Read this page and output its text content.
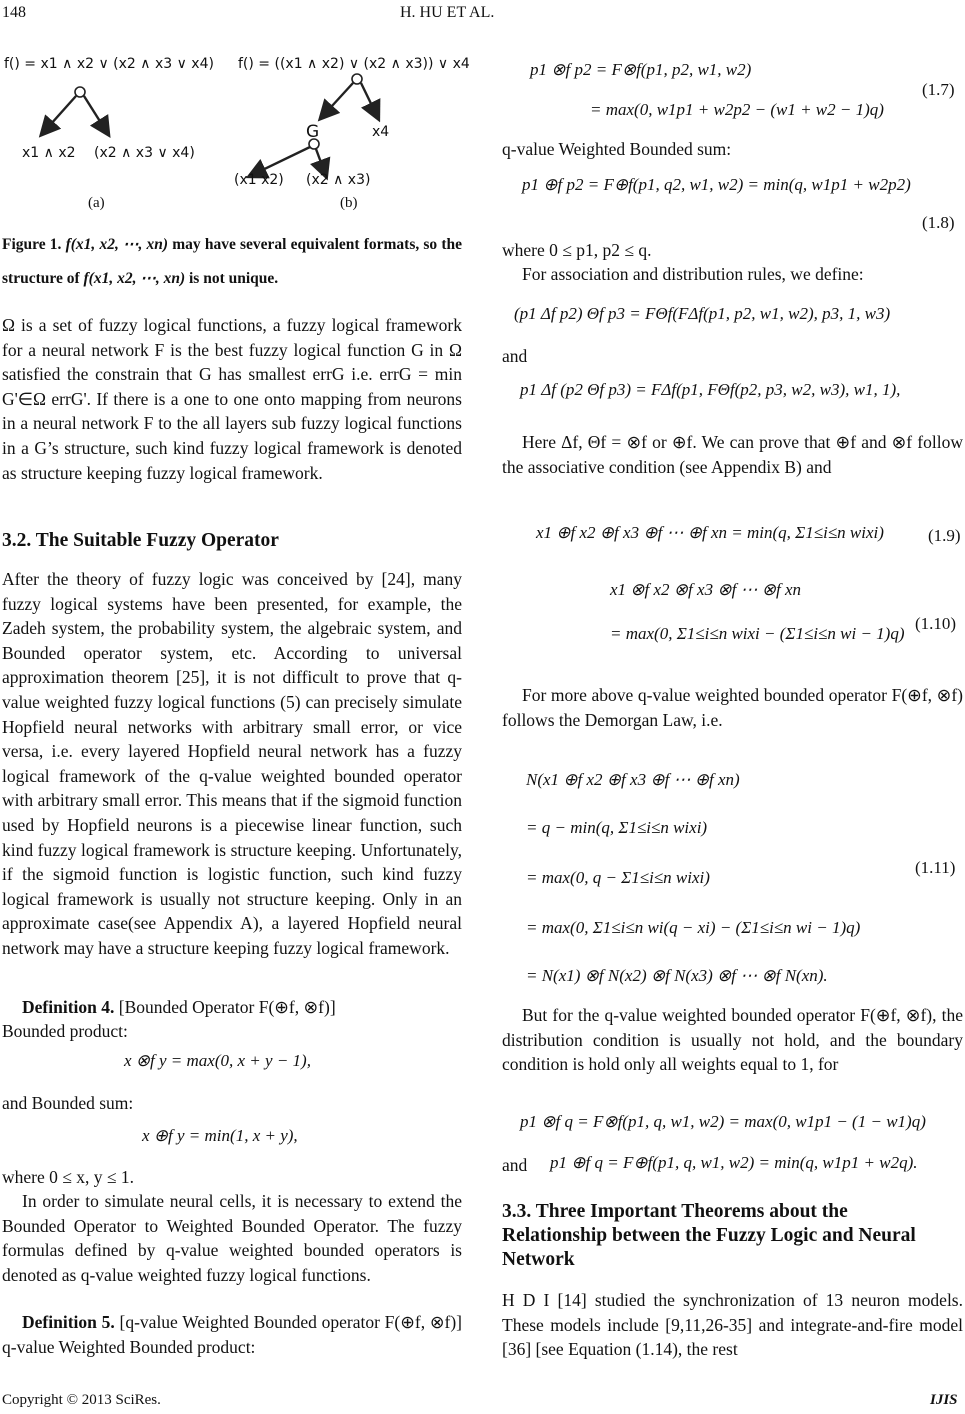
148	H. HU ET AL.
f() = x1 ∧ x2 ∨ (x2 ∧ x3 ∨ x4)
x1 ∧ x2 (x2 ∧ x3 ∨ x4)
(a)
f() = ((x1 ∧ x2) ∨ (x2 ∧ x3)) ∨ x4
G	x4
(x1 x2) (x2 ∧ x3)
(b)
Figure 1. f(x1, x2, ⋯, xn) may have several equivalent formats, so the structure of f(x1, x2, ⋯, xn) is not unique.
Ω is a set of fuzzy logical functions, a fuzzy logical framework for a neural network F is the best fuzzy logical function G in Ω satisfied the constrain that G has smallest errG i.e. errG = min G'∈Ω errG'. If there is a one to one onto mapping from neurons in a neural network F to the all layers sub fuzzy logical functions in a G’s structure, such kind fuzzy logical framework is denoted as structure keeping fuzzy logical framework.
3.2. The Suitable Fuzzy Operator
After the theory of fuzzy logic was conceived by [24], many fuzzy logical systems have been presented, for example, the Zadeh system, the probability system, the algebraic system, and Bounded operator system, etc. According to universal approximation theorem [25], it is not difficult to prove that q-value weighted fuzzy logical functions (5) can precisely simulate Hopfield neural networks with arbitrary small error, or vice versa, i.e. every layered Hopfield neural network has a fuzzy logical framework of the q-value weighted bounded operator with arbitrary small error. This means that if the sigmoid function used by Hopfield neurons is a piecewise linear function, such kind fuzzy logical framework is structure keeping. Unfortunately, if the sigmoid function is logistic function, such kind fuzzy logical framework is usually not structure keeping. Only in an approximate case(see Appendix A), a layered Hopfield neural network may have a structure keeping fuzzy logical framework.
Definition 4. [Bounded Operator F(⊕f, ⊗f)]
Bounded product:
x ⊗f y = max(0, x + y − 1),
and Bounded sum:
x ⊕f y = min(1, x + y),
where 0 ≤ x, y ≤ 1.
In order to simulate neural cells, it is necessary to extend the Bounded Operator to Weighted Bounded Operator. The fuzzy formulas defined by q-value weighted bounded operators is denoted as q-value weighted fuzzy logical functions.
Definition 5. [q-value Weighted Bounded operator F(⊕f, ⊗f)] q-value Weighted Bounded product:
p1 ⊗f p2 = F⊗f(p1, p2, w1, w2)
= max(0, w1p1 + w2p2 − (w1 + w2 − 1)q)
(1.7)
q-value Weighted Bounded sum:
p1 ⊕f p2 = F⊕f(p1, q2, w1, w2) = min(q, w1p1 + w2p2)
(1.8)
where 0 ≤ p1, p2 ≤ q.
For association and distribution rules, we define:
(p1 Δf p2) Θf p3 = FΘf(FΔf(p1, p2, w1, w2), p3, 1, w3)
and
p1 Δf (p2 Θf p3) = FΔf(p1, FΘf(p2, p3, w2, w3), w1, 1),
Here Δf, Θf = ⊗f or ⊕f. We can prove that ⊕f and ⊗f follow the associative condition (see Appendix B) and
x1 ⊕f x2 ⊕f x3 ⊕f ⋯ ⊕f xn = min(q, Σ1≤i≤n wixi)	(1.9)
x1 ⊗f x2 ⊗f x3 ⊗f ⋯ ⊗f xn
= max(0, Σ1≤i≤n wixi − (Σ1≤i≤n wi − 1)q)
(1.10)
For more above q-value weighted bounded operator F(⊕f, ⊗f) follows the Demorgan Law, i.e.
N(x1 ⊕f x2 ⊕f x3 ⊕f ⋯ ⊕f xn)
= q − min(q, Σ1≤i≤n wixi)
= max(0, q − Σ1≤i≤n wixi)
= max(0, Σ1≤i≤n wi(q − xi) − (Σ1≤i≤n wi − 1)q)
= N(x1) ⊗f N(x2) ⊗f N(x3) ⊗f ⋯ ⊗f N(xn).
(1.11)
But for the q-value weighted bounded operator F(⊕f, ⊗f), the distribution condition is usually not hold, and the boundary condition is hold only all weights equal to 1, for
p1 ⊗f q = F⊗f(p1, q, w1, w2) = max(0, w1p1 − (1 − w1)q)
and p1 ⊕f q = F⊕f(p1, q, w1, w2) = min(q, w1p1 + w2q).
3.3. Three Important Theorems about the Relationship between the Fuzzy Logic and Neural Network
H D I [14] studied the synchronization of 13 neuron models. These models include [9,11,26-35] and integrate-and-fire model [36] [see Equation (1.14), the rest
Copyright © 2013 SciRes.	IJIS
